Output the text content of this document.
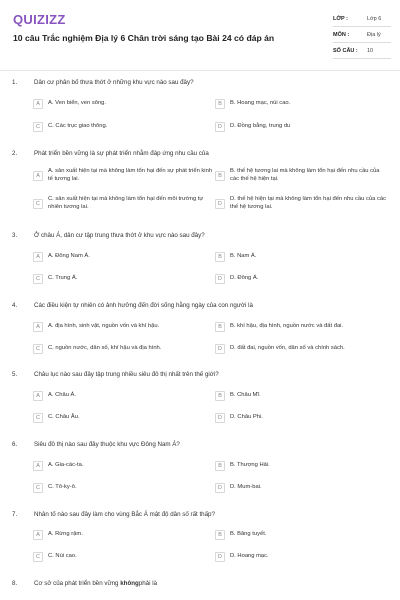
QUIZIZZ
10 câu Trắc nghiệm Địa lý 6 Chân trời sáng tạo Bài 24 có đáp án
LỚP :	Lớp 6
MÔN :	Địa lý
SỐ CÂU : 10
1.	Dân cư phân bố thưa thớt ở những khu vực nào sau đây?
A	A. Ven biển, ven sông.	B	B. Hoang mạc, núi cao.
C	C. Các trục giao thông.	D	D. Đồng bằng, trung du
2.	Phát triển bền vững là sự phát triển nhằm đáp ứng nhu cầu của
A
A. sản xuất hiện tại mà không làm tổn hại đến sự phát triển kinh tế tương lai.	B
B. thế hệ tương lai mà không làm tổn hại đến nhu cầu của các thế hệ hiện tại.
C
C. sản xuất hiện tại mà không làm tổn hại đến môi trường tự nhiên tương lai.	D
D. thế hệ hiện tại mà không làm tổn hại đến nhu cầu của các thế hệ tương lai.
3.	Ở châu Á, dân cư tập trung thưa thớt ở khu vực nào sau đây?
A	A. Đông Nam Á.	B	B. Nam Á.
C	C. Trung Á.	D	D. Đông Á.
4.	Các điều kiện tự nhiên có ảnh hưởng đến đời sống hằng ngày của con người là
A	A. địa hình, sinh vật, nguồn vốn và khí hậu.	B	B. khí hậu, địa hình, nguồn nước và đất đai.
C	C. nguồn nước, dân số, khí hậu và địa hình.	D	D. đất đai, nguồn vốn, dân số và chính sách.
5.	Châu lục nào sau đây tập trung nhiều siêu đô thị nhất trên thế giới?
A	A. Châu Á.	B	B. Châu Mĩ.
C	C. Châu Âu.	D	D. Châu Phi.
6.	Siêu đô thị nào sau đây thuộc khu vực Đông Nam Á?
A	A. Gia-các-ta.	B	B. Thượng Hải.
C	C. Tô-ky-ô.	D	D. Mum-bai.
7.	Nhân tố nào sau đây làm cho vùng Bắc Á mật độ dân số rất thấp?
A	A. Rừng rậm.	B	B. Băng tuyết.
C	C. Núi cao.	D	D. Hoang mạc.
8.	Cơ sở của phát triển bền vững khôngphải là
